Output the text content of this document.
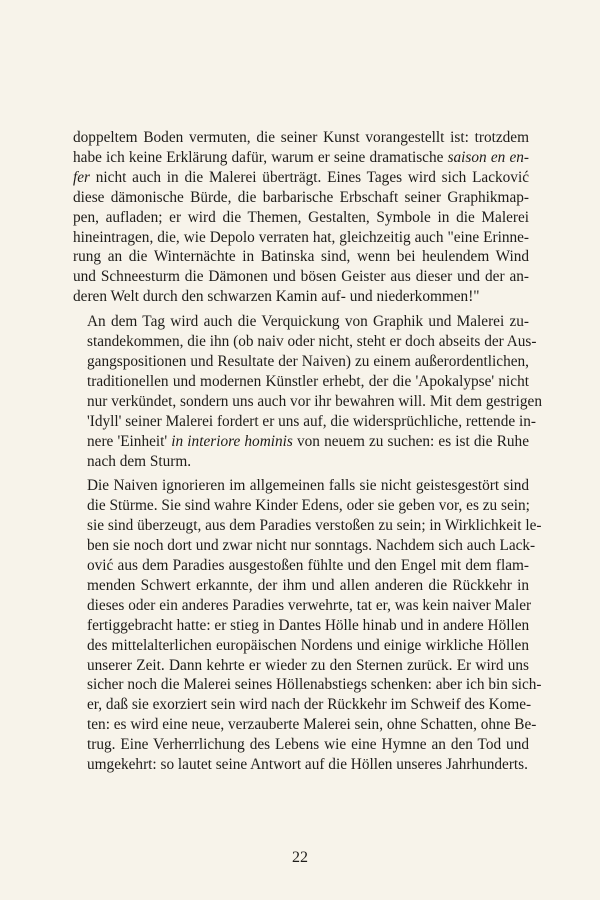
doppeltem Boden vermuten, die seiner Kunst vorangestellt ist: trotzdem
habe ich keine Erklärung dafür, warum er seine dramatische saison en en-
fer nicht auch in die Malerei überträgt. Eines Tages wird sich Lacković
diese dämonische Bürde, die barbarische Erbschaft seiner Graphikmap-
pen, aufladen; er wird die Themen, Gestalten, Symbole in die Malerei
hineintragen, die, wie Depolo verraten hat, gleichzeitig auch "eine Erinne-
rung an die Winternächte in Batinska sind, wenn bei heulendem Wind
und Schneesturm die Dämonen und bösen Geister aus dieser und der an-
deren Welt durch den schwarzen Kamin auf- und niederkommen!"
An dem Tag wird auch die Verquickung von Graphik und Malerei zu-
standekommen, die ihn (ob naiv oder nicht, steht er doch abseits der Aus-
gangspositionen und Resultate der Naiven) zu einem außerordentlichen,
traditionellen und modernen Künstler erhebt, der die 'Apokalypse' nicht
nur verkündet, sondern uns auch vor ihr bewahren will. Mit dem gestrigen
'Idyll' seiner Malerei fordert er uns auf, die widersprüchliche, rettende in-
nere 'Einheit' in interiore hominis von neuem zu suchen: es ist die Ruhe
nach dem Sturm.
Die Naiven ignorieren im allgemeinen falls sie nicht geistesgestört sind
die Stürme. Sie sind wahre Kinder Edens, oder sie geben vor, es zu sein;
sie sind überzeugt, aus dem Paradies verstoßen zu sein; in Wirklichkeit le-
ben sie noch dort und zwar nicht nur sonntags. Nachdem sich auch Lack-
ović aus dem Paradies ausgestoßen fühlte und den Engel mit dem flam-
menden Schwert erkannte, der ihm und allen anderen die Rückkehr in
dieses oder ein anderes Paradies verwehrte, tat er, was kein naiver Maler
fertiggebracht hatte: er stieg in Dantes Hölle hinab und in andere Höllen
des mittelalterlichen europäischen Nordens und einige wirkliche Höllen
unserer Zeit. Dann kehrte er wieder zu den Sternen zurück. Er wird uns
sicher noch die Malerei seines Höllenabstiegs schenken: aber ich bin sich-
er, daß sie exorziert sein wird nach der Rückkehr im Schweif des Kome-
ten: es wird eine neue, verzauberte Malerei sein, ohne Schatten, ohne Be-
trug. Eine Verherrlichung des Lebens wie eine Hymne an den Tod und
umgekehrt: so lautet seine Antwort auf die Höllen unseres Jahrhunderts.
22
